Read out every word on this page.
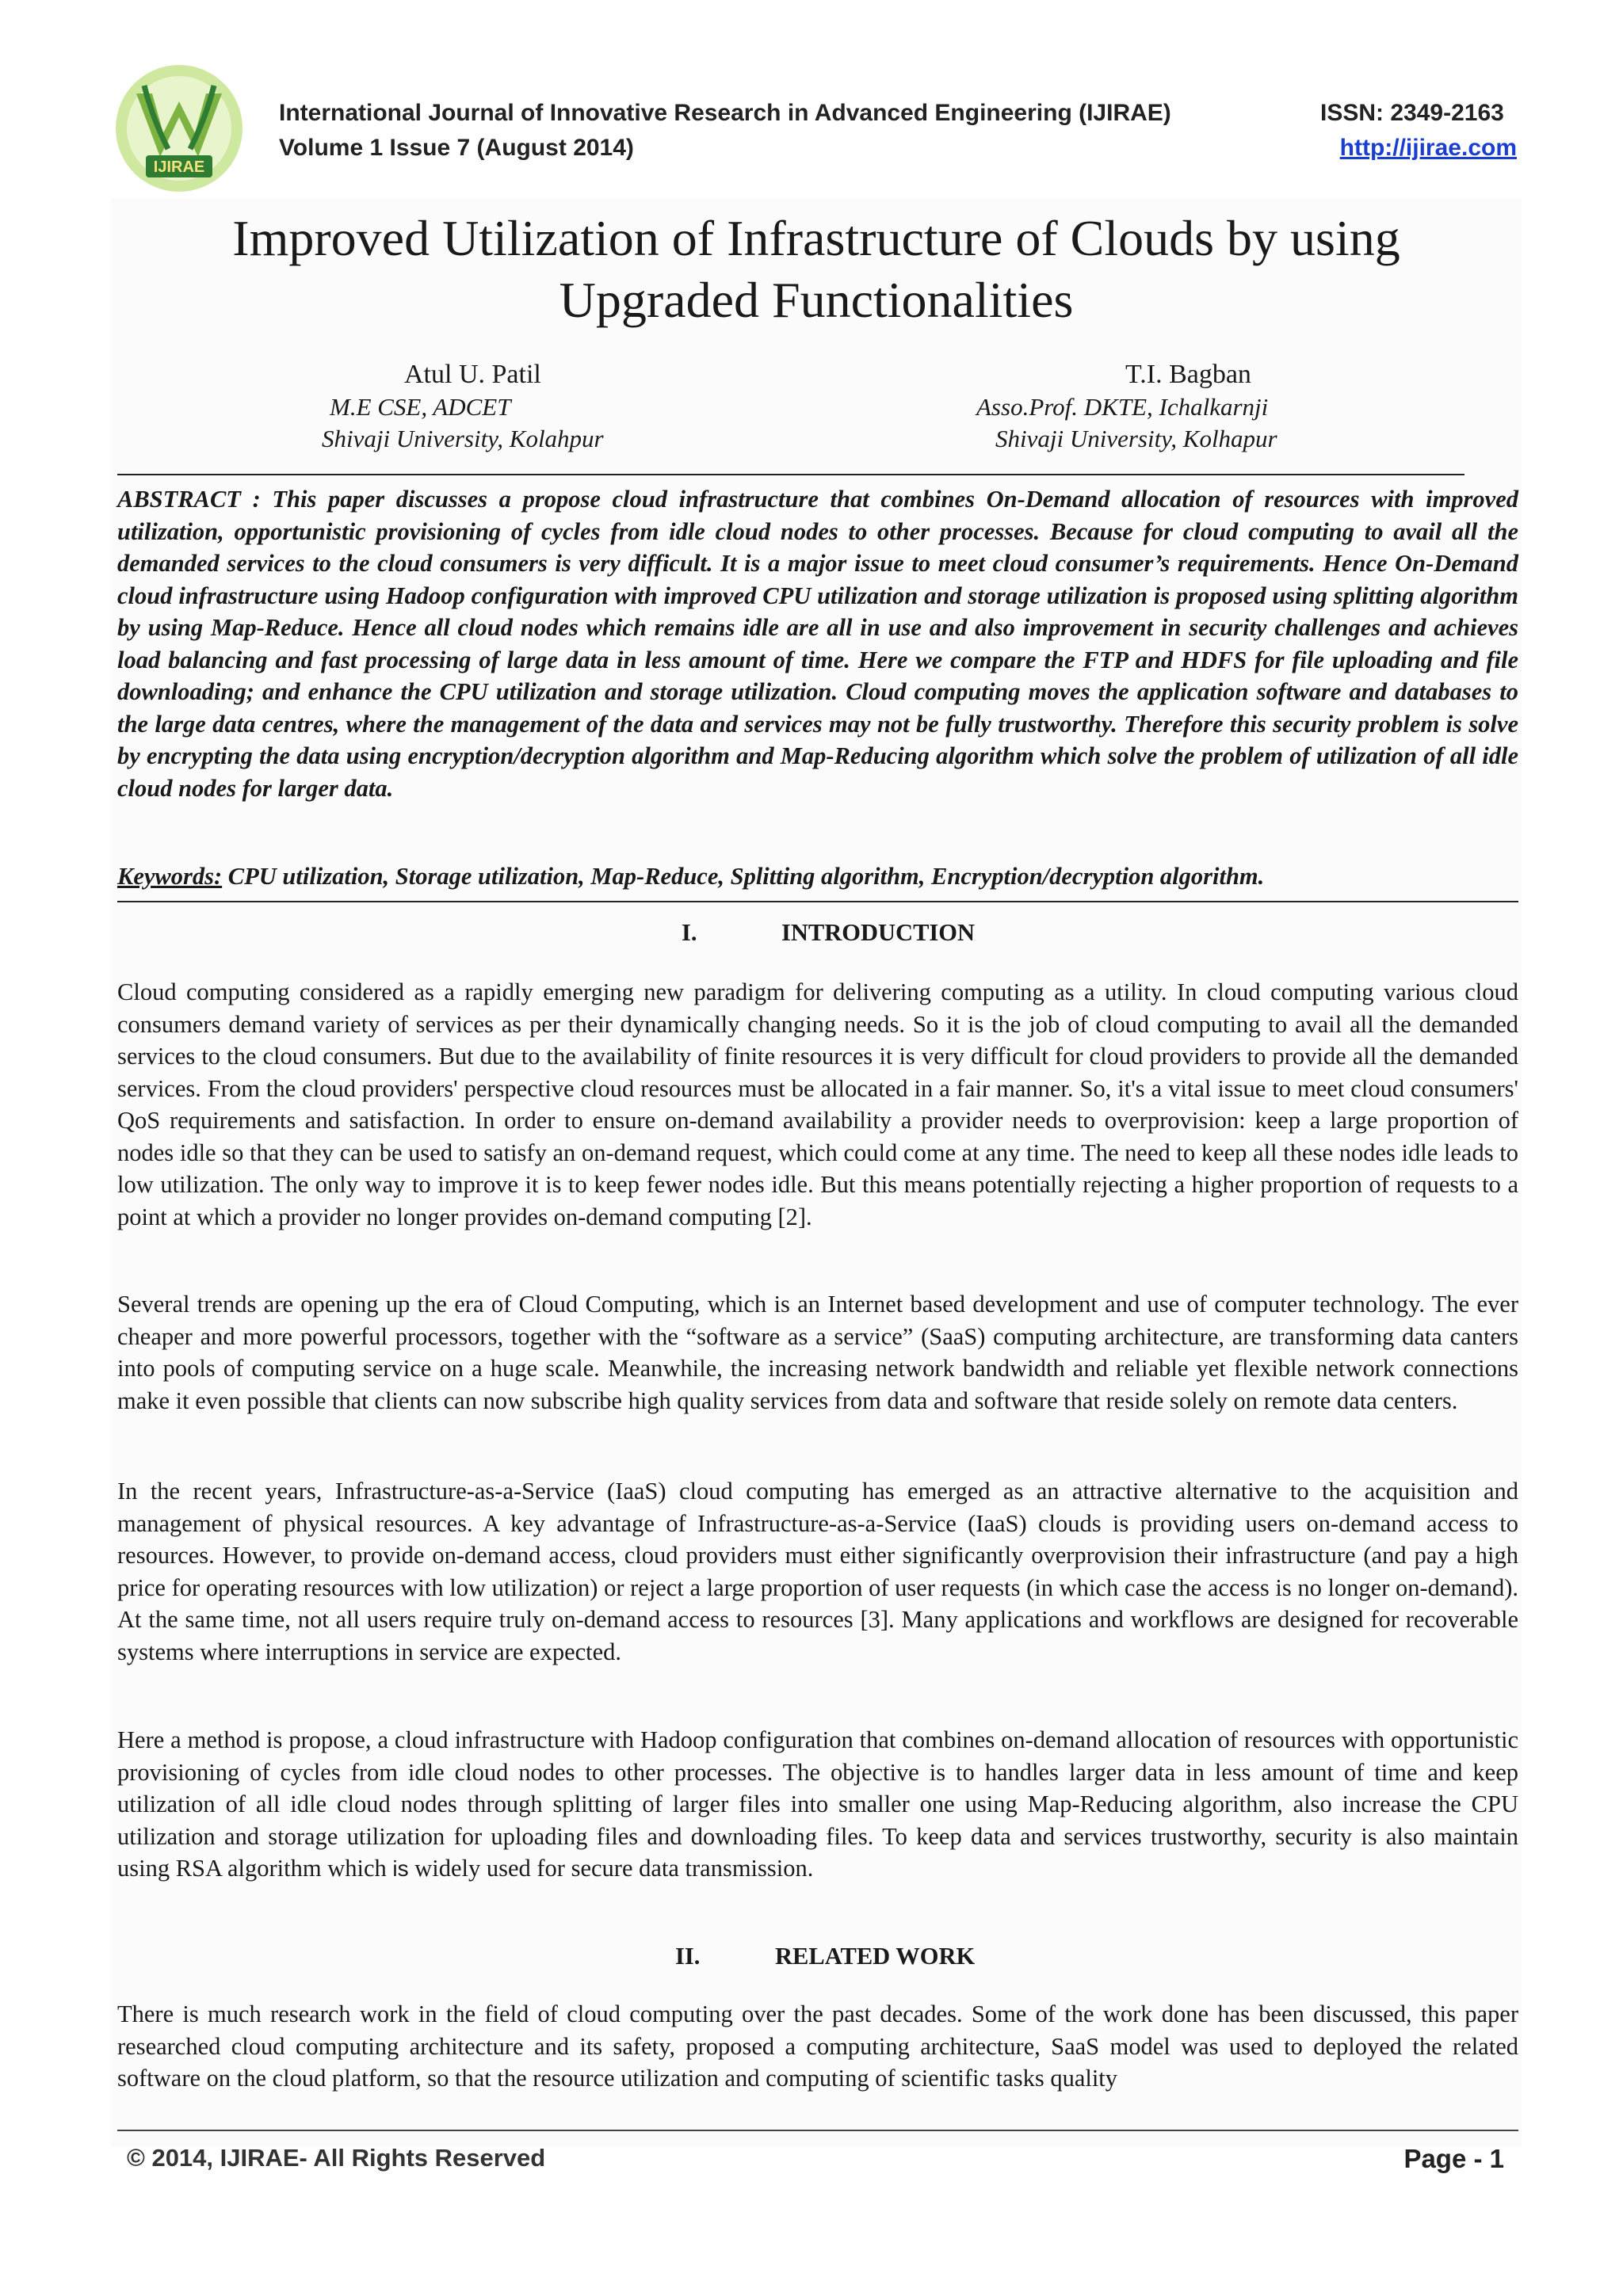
IJIRAE
International Journal of Innovative Research in Advanced Engineering (IJIRAE)
Volume 1 Issue 7 (August 2014)
ISSN: 2349-2163
http://ijirae.com
Improved Utilization of Infrastructure of Clouds by using
Upgraded Functionalities
Atul U. Patil
M.E CSE, ADCET
Shivaji University, Kolahpur
T.I. Bagban
Asso.Prof. DKTE, Ichalkarnji
Shivaji University, Kolhapur
ABSTRACT : This paper discusses a propose cloud infrastructure that combines On-Demand allocation of resources with improved utilization, opportunistic provisioning of cycles from idle cloud nodes to other processes. Because for cloud computing to avail all the demanded services to the cloud consumers is very difficult. It is a major issue to meet cloud consumer’s requirements. Hence On-Demand cloud infrastructure using Hadoop configuration with improved CPU utilization and storage utilization is proposed using splitting algorithm by using Map-Reduce. Hence all cloud nodes which remains idle are all in use and also improvement in security challenges and achieves load balancing and fast processing of large data in less amount of time. Here we compare the FTP and HDFS for file uploading and file downloading; and enhance the CPU utilization and storage utilization. Cloud computing moves the application software and databases to the large data centres, where the management of the data and services may not be fully trustworthy. Therefore this security problem is solve by encrypting the data using encryption/decryption algorithm and Map-Reducing algorithm which solve the problem of utilization of all idle cloud nodes for larger data.
Keywords: CPU utilization, Storage utilization, Map-Reduce, Splitting algorithm, Encryption/decryption algorithm.
I.	INTRODUCTION
Cloud computing considered as a rapidly emerging new paradigm for delivering computing as a utility. In cloud computing various cloud consumers demand variety of services as per their dynamically changing needs. So it is the job of cloud computing to avail all the demanded services to the cloud consumers. But due to the availability of finite resources it is very difficult for cloud providers to provide all the demanded services. From the cloud providers' perspective cloud resources must be allocated in a fair manner. So, it's a vital issue to meet cloud consumers' QoS requirements and satisfaction. In order to ensure on-demand availability a provider needs to overprovision: keep a large proportion of nodes idle so that they can be used to satisfy an on-demand request, which could come at any time. The need to keep all these nodes idle leads to low utilization. The only way to improve it is to keep fewer nodes idle. But this means potentially rejecting a higher proportion of requests to a point at which a provider no longer provides on-demand computing [2].
Several trends are opening up the era of Cloud Computing, which is an Internet based development and use of computer technology. The ever cheaper and more powerful processors, together with the “software as a service” (SaaS) computing architecture, are transforming data canters into pools of computing service on a huge scale. Meanwhile, the increasing network bandwidth and reliable yet flexible network connections make it even possible that clients can now subscribe high quality services from data and software that reside solely on remote data centers.
In the recent years, Infrastructure-as-a-Service (IaaS) cloud computing has emerged as an attractive alternative to the acquisition and management of physical resources. A key advantage of Infrastructure-as-a-Service (IaaS) clouds is providing users on-demand access to resources. However, to provide on-demand access, cloud providers must either significantly overprovision their infrastructure (and pay a high price for operating resources with low utilization) or reject a large proportion of user requests (in which case the access is no longer on-demand). At the same time, not all users require truly on-demand access to resources [3]. Many applications and workflows are designed for recoverable systems where interruptions in service are expected.
Here a method is propose, a cloud infrastructure with Hadoop configuration that combines on-demand allocation of resources with opportunistic provisioning of cycles from idle cloud nodes to other processes. The objective is to handles larger data in less amount of time and keep utilization of all idle cloud nodes through splitting of larger files into smaller one using Map-Reducing algorithm, also increase the CPU utilization and storage utilization for uploading files and downloading files. To keep data and services trustworthy, security is also maintain using RSA algorithm which is widely used for secure data transmission.
II.	RELATED WORK
There is much research work in the field of cloud computing over the past decades. Some of the work done has been discussed, this paper researched cloud computing architecture and its safety, proposed a computing architecture, SaaS model was used to deployed the related software on the cloud platform, so that the resource utilization and computing of scientific tasks quality
© 2014, IJIRAE- All Rights Reserved	Page - 1
